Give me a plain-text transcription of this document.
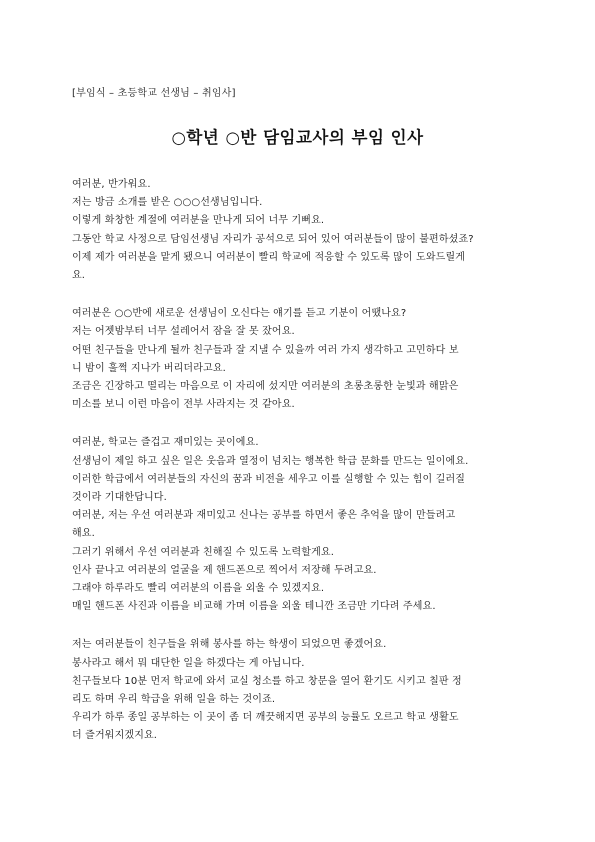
[부임식 – 초등학교 선생님 – 취임사]
○학년 ○반 담임교사의 부임 인사
여러분, 반가워요.
저는 방금 소개를 받은 ○○○선생님입니다.
이렇게 화창한 계절에 여러분을 만나게 되어 너무 기뻐요.
그동안 학교 사정으로 담임선생님 자리가 공석으로 되어 있어 여러분들이 많이 불편하셨죠?
이제 제가 여러분을 맡게 됐으니 여러분이 빨리 학교에 적응할 수 있도록 많이 도와드릴게
요.
여러분은 ○○반에 새로운 선생님이 오신다는 얘기를 듣고 기분이 어땠나요?
저는 어젯밤부터 너무 설레어서 잠을 잘 못 잤어요.
어떤 친구들을 만나게 될까 친구들과 잘 지낼 수 있을까 여러 가지 생각하고 고민하다 보
니 밤이 훌쩍 지나가 버리더라고요.
조금은 긴장하고 떨리는 마음으로 이 자리에 섰지만 여러분의 초롱초롱한 눈빛과 해맑은
미소를 보니 이런 마음이 전부 사라지는 것 같아요.
여러분, 학교는 즐겁고 재미있는 곳이에요.
선생님이 제일 하고 싶은 일은 웃음과 열정이 넘치는 행복한 학급 문화를 만드는 일이에요.
이러한 학급에서 여러분들의 자신의 꿈과 비전을 세우고 이를 실행할 수 있는 힘이 길러질
것이라 기대한답니다.
여러분, 저는 우선 여러분과 재미있고 신나는 공부를 하면서 좋은 추억을 많이 만들려고
해요.
그러기 위해서 우선 여러분과 친해질 수 있도록 노력할게요.
인사 끝나고 여러분의 얼굴을 제 핸드폰으로 찍어서 저장해 두려고요.
그래야 하루라도 빨리 여러분의 이름을 외울 수 있겠지요.
매일 핸드폰 사진과 이름을 비교해 가며 이름을 외울 테니깐 조금만 기다려 주세요.
저는 여러분들이 친구들을 위해 봉사를 하는 학생이 되었으면 좋겠어요.
봉사라고 해서 뭐 대단한 일을 하겠다는 게 아닙니다.
친구들보다 10분 먼저 학교에 와서 교실 청소를 하고 창문을 열어 환기도 시키고 칠판 정
리도 하며 우리 학급을 위해 일을 하는 것이죠.
우리가 하루 종일 공부하는 이 곳이 좀 더 깨끗해지면 공부의 능률도 오르고 학교 생활도
더 즐거워지겠지요.
